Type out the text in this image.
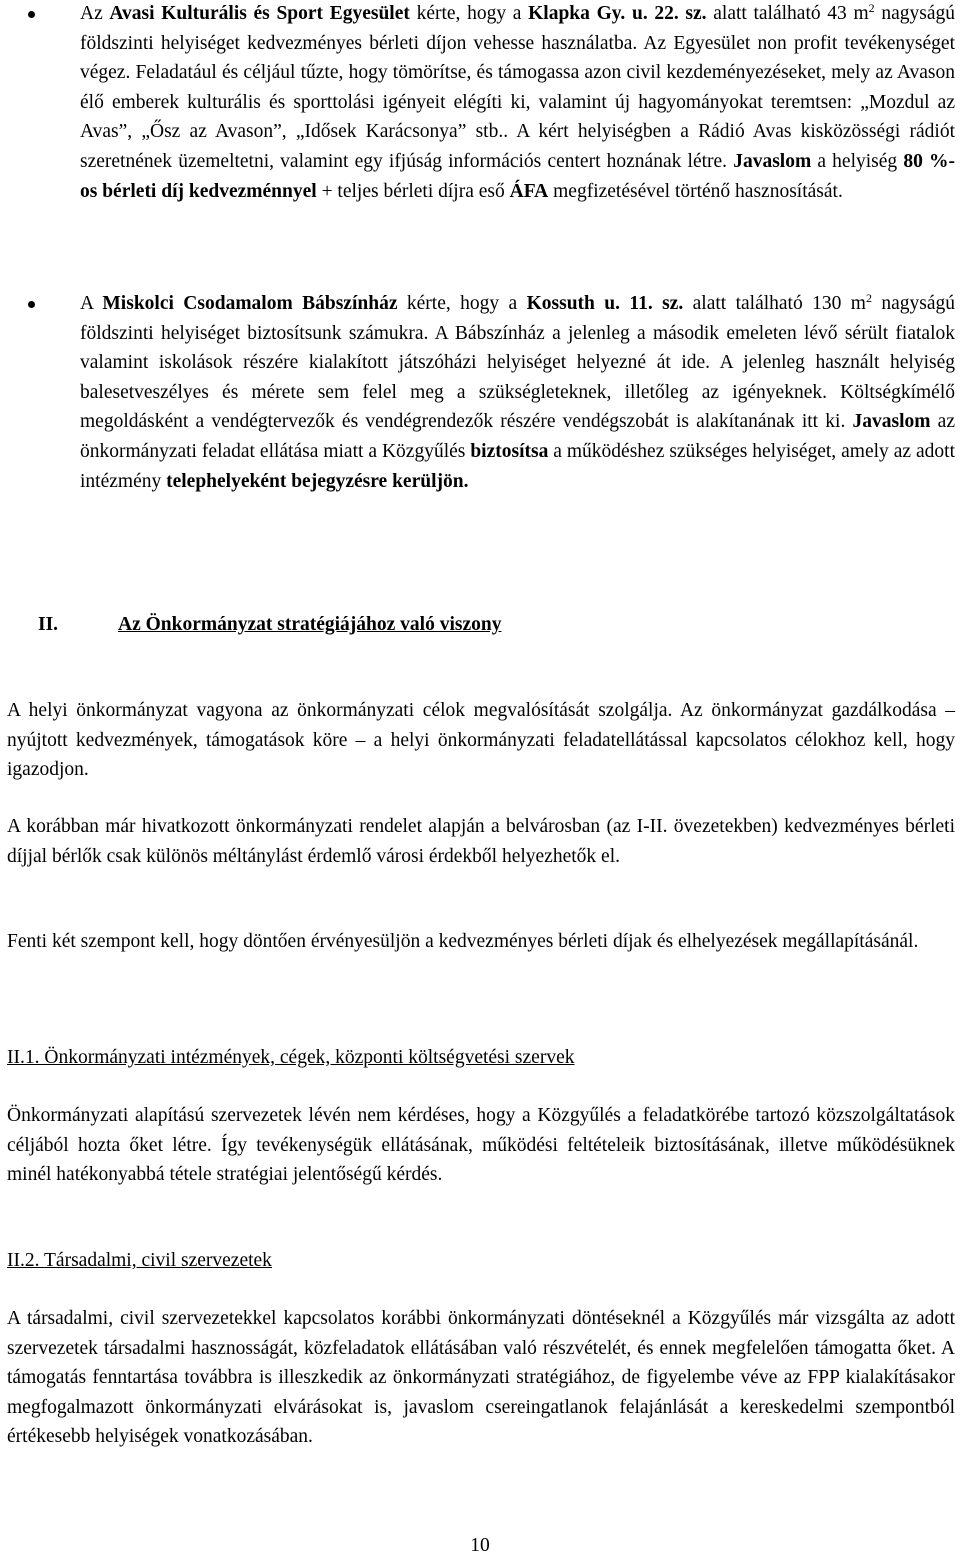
Az Avasi Kulturális és Sport Egyesület kérte, hogy a Klapka Gy. u. 22. sz. alatt található 43 $m^2$ nagyságú földszinti helyiséget kedvezményes bérleti díjon vehesse használatba. Az Egyesület non profit tevékenységet végez. Feladatául és céljául tűzte, hogy tömörítse, és támogassa azon civil kezdeményezéseket, mely az Avason élő emberek kulturális és sporttolási igényeit elégíti ki, valamint új hagyományokat teremtsen: „Mozdul az Avas”, „Ősz az Avason”, „Idősek Karácsonya” stb.. A kért helyiségben a Rádió Avas kisközösségi rádiót szeretnének üzemeltetni, valamint egy ifjúság információs centert hoznának létre. Javaslom a helyiség 80 %-os bérleti díj kedvezménnyel + teljes bérleti díjra eső ÁFA megfizetésével történő hasznosítását.
A Miskolci Csodamalom Bábszínház kérte, hogy a Kossuth u. 11. sz. alatt található 130 $m^2$ nagyságú földszinti helyiséget biztosítsunk számukra. A Bábszínház a jelenleg a második emeleten lévő sérült fiatalok valamint iskolások részére kialakított játszóházi helyiséget helyezné át ide. A jelenleg használt helyiség balesetveszélyes és mérete sem felel meg a szükségleteknek, illetőleg az igényeknek. Költségkímélő megoldásként a vendégtervezők és vendégrendezők részére vendégszobát is alakítanának itt ki. Javaslom az önkormányzati feladat ellátása miatt a Közgyűlés biztosítsa a működéshez szükséges helyiséget, amely az adott intézmény telephelyeként bejegyzésre kerüljön.
II.	Az Önkormányzat stratégiájához való viszony

A helyi önkormányzat vagyona az önkormányzati célok megvalósítását szolgálja. Az önkormányzat gazdálkodása – nyújtott kedvezmények, támogatások köre – a helyi önkormányzati feladatellátással kapcsolatos célokhoz kell, hogy igazodjon.

A korábban már hivatkozott önkormányzati rendelet alapján a belvárosban (az I-II. övezetekben) kedvezményes bérleti díjjal bérlők csak különös méltánylást érdemlő városi érdekből helyezhetők el.

Fenti két szempont kell, hogy döntően érvényesüljön a kedvezményes bérleti díjak és elhelyezések megállapításánál.

II.1. Önkormányzati intézmények, cégek, központi költségvetési szervek

Önkormányzati alapítású szervezetek lévén nem kérdéses, hogy a Közgyűlés a feladatkörébe tartozó közszolgáltatások céljából hozta őket létre. Így tevékenységük ellátásának, működési feltételeik biztosításának, illetve működésüknek minél hatékonyabbá tétele stratégiai jelentőségű kérdés.

II.2. Társadalmi, civil szervezetek

A társadalmi, civil szervezetekkel kapcsolatos korábbi önkormányzati döntéseknél a Közgyűlés már vizsgálta az adott szervezetek társadalmi hasznosságát, közfeladatok ellátásában való részvételét, és ennek megfelelően támogatta őket. A támogatás fenntartása továbbra is illeszkedik az önkormányzati stratégiához, de figyelembe véve az FPP kialakításakor megfogalmazott önkormányzati elvárásokat is, javaslom csereingatlanok felajánlását a kereskedelmi szempontból értékesebb helyiségek vonatkozásában.

10
